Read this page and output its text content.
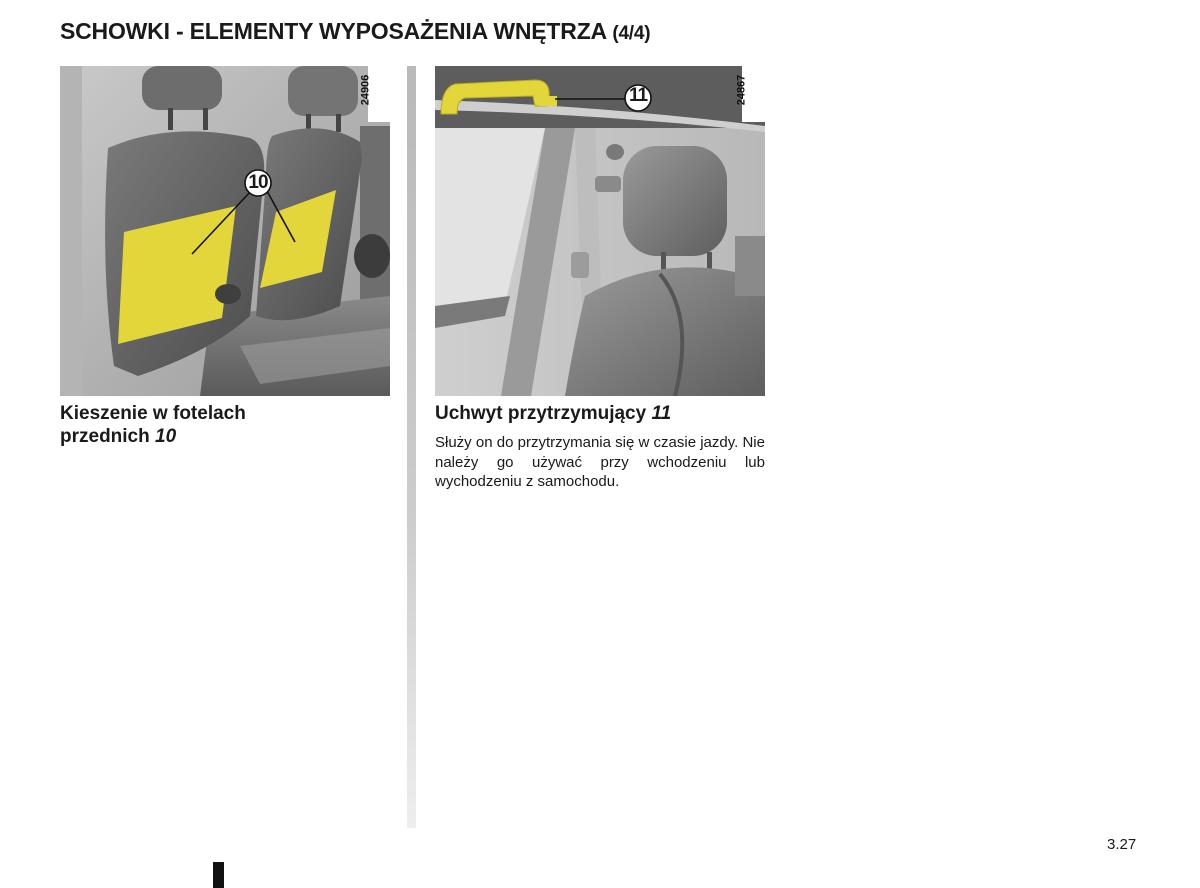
SCHOWKI - ELEMENTY WYPOSAŻENIA WNĘTRZA (4/4)
24906
10
24867
11
Kieszenie w fotelach
przednich 10
Uchwyt przytrzymujący 11
Służy on do przytrzymania się w czasie jazdy. Nie należy go używać przy wchodzeniu lub wychodzeniu z samochodu.
3.27
